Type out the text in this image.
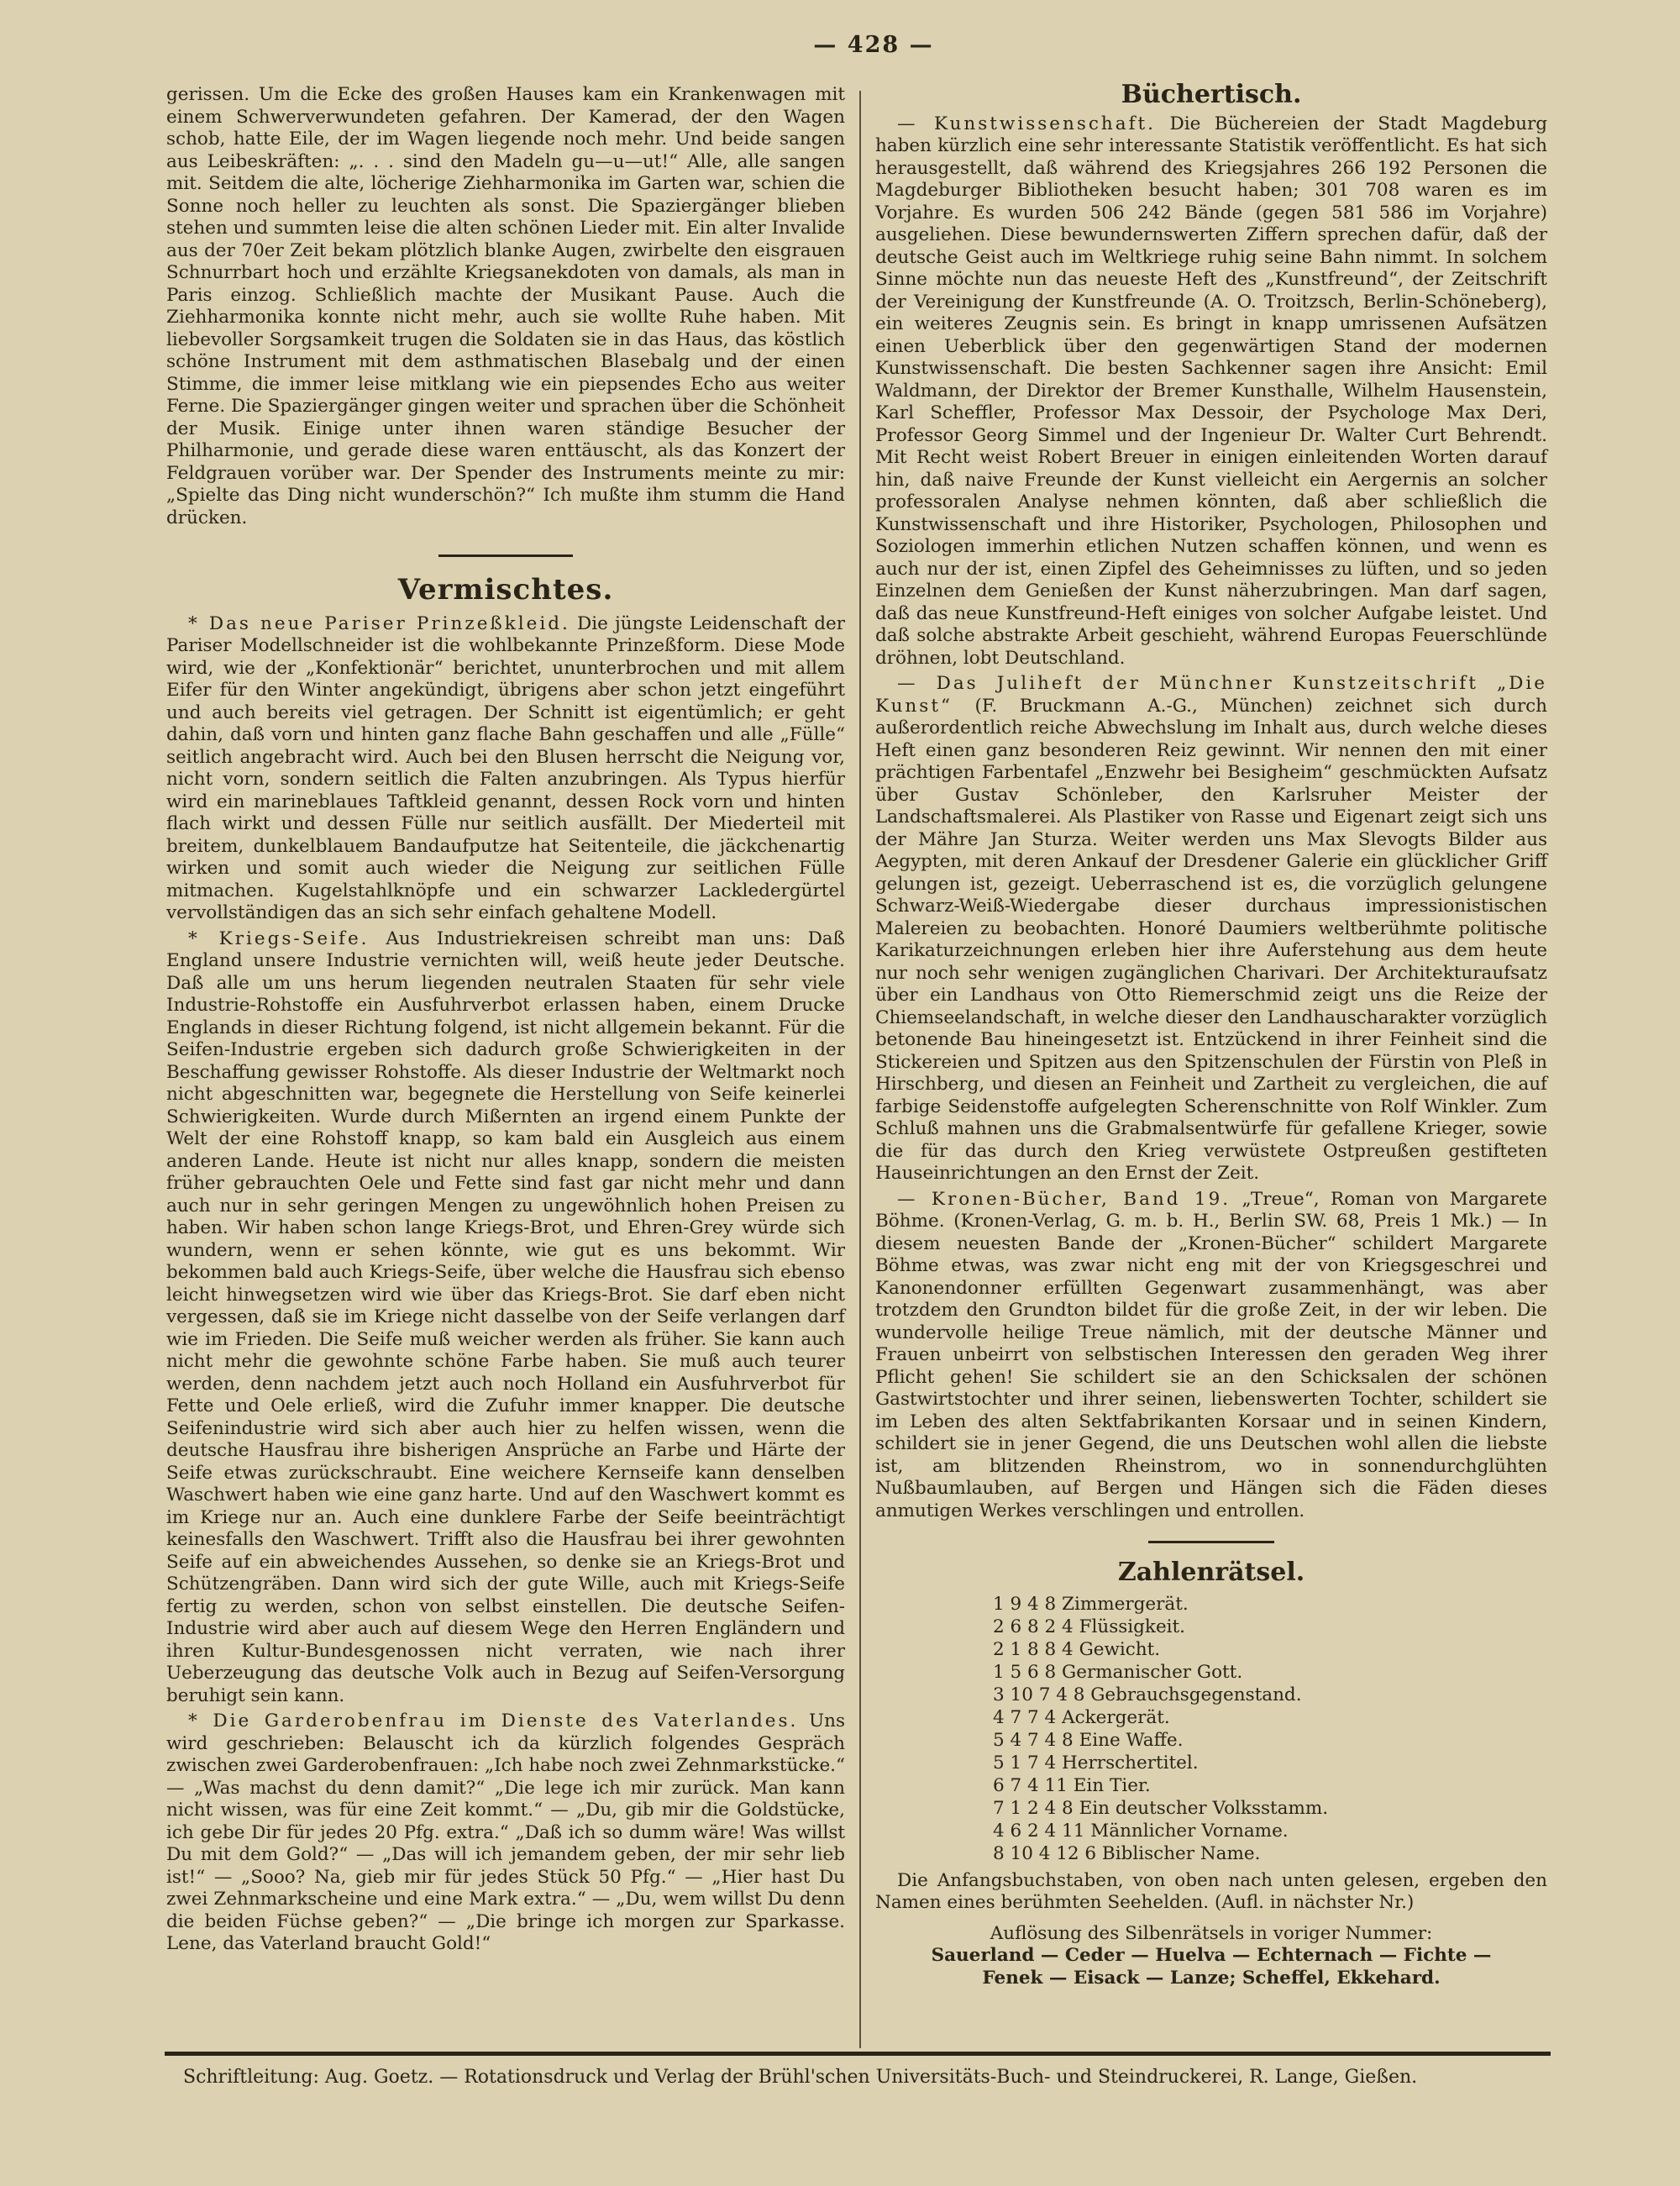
— 428 —

gerissen. Um die Ecke des großen Hauses kam ein Krankenwagen mit einem Schwerverwundeten gefahren. Der Kamerad, der den Wagen schob, hatte Eile, der im Wagen liegende noch mehr. Und beide sangen aus Leibeskräften: „. . . sind den Madeln gu—u—ut!“ Alle, alle sangen mit. Seitdem die alte, löcherige Ziehharmonika im Garten war, schien die Sonne noch heller zu leuchten als sonst. Die Spaziergänger blieben stehen und summten leise die alten schönen Lieder mit. Ein alter Invalide aus der 70er Zeit bekam plötzlich blanke Augen, zwirbelte den eisgrauen Schnurrbart hoch und erzählte Kriegsanekdoten von damals, als man in Paris einzog. Schließlich machte der Musikant Pause. Auch die Ziehharmonika konnte nicht mehr, auch sie wollte Ruhe haben. Mit liebevoller Sorgsamkeit trugen die Soldaten sie in das Haus, das köstlich schöne Instrument mit dem asthmatischen Blasebalg und der einen Stimme, die immer leise mitklang wie ein piepsendes Echo aus weiter Ferne. Die Spaziergänger gingen weiter und sprachen über die Schönheit der Musik. Einige unter ihnen waren ständige Besucher der Philharmonie, und gerade diese waren enttäuscht, als das Konzert der Feldgrauen vorüber war. Der Spender des Instruments meinte zu mir: „Spielte das Ding nicht wunderschön?“ Ich mußte ihm stumm die Hand drücken.

Vermischtes.

* Das neue Pariser Prinzeßkleid. Die jüngste Leidenschaft der Pariser Modellschneider ist die wohlbekannte Prinzeßform. Diese Mode wird, wie der „Konfektionär“ berichtet, ununterbrochen und mit allem Eifer für den Winter angekündigt, übrigens aber schon jetzt eingeführt und auch bereits viel getragen. Der Schnitt ist eigentümlich; er geht dahin, daß vorn und hinten ganz flache Bahn geschaffen und alle „Fülle“ seitlich angebracht wird. Auch bei den Blusen herrscht die Neigung vor, nicht vorn, sondern seitlich die Falten anzubringen. Als Typus hierfür wird ein marineblaues Taftkleid genannt, dessen Rock vorn und hinten flach wirkt und dessen Fülle nur seitlich ausfällt. Der Miederteil mit breitem, dunkelblauem Bandaufputze hat Seitenteile, die jäckchenartig wirken und somit auch wieder die Neigung zur seitlichen Fülle mitmachen. Kugelstahlknöpfe und ein schwarzer Lackledergürtel vervollständigen das an sich sehr einfach gehaltene Modell.

* Kriegs-Seife. Aus Industriekreisen schreibt man uns: Daß England unsere Industrie vernichten will, weiß heute jeder Deutsche. Daß alle um uns herum liegenden neutralen Staaten für sehr viele Industrie-Rohstoffe ein Ausfuhrverbot erlassen haben, einem Drucke Englands in dieser Richtung folgend, ist nicht allgemein bekannt. Für die Seifen-Industrie ergeben sich dadurch große Schwierigkeiten in der Beschaffung gewisser Rohstoffe. Als dieser Industrie der Weltmarkt noch nicht abgeschnitten war, begegnete die Herstellung von Seife keinerlei Schwierigkeiten. Wurde durch Mißernten an irgend einem Punkte der Welt der eine Rohstoff knapp, so kam bald ein Ausgleich aus einem anderen Lande. Heute ist nicht nur alles knapp, sondern die meisten früher gebrauchten Oele und Fette sind fast gar nicht mehr und dann auch nur in sehr geringen Mengen zu ungewöhnlich hohen Preisen zu haben. Wir haben schon lange Kriegs-Brot, und Ehren-Grey würde sich wundern, wenn er sehen könnte, wie gut es uns bekommt. Wir bekommen bald auch Kriegs-Seife, über welche die Hausfrau sich ebenso leicht hinwegsetzen wird wie über das Kriegs-Brot. Sie darf eben nicht vergessen, daß sie im Kriege nicht dasselbe von der Seife verlangen darf wie im Frieden. Die Seife muß weicher werden als früher. Sie kann auch nicht mehr die gewohnte schöne Farbe haben. Sie muß auch teurer werden, denn nachdem jetzt auch noch Holland ein Ausfuhrverbot für Fette und Oele erließ, wird die Zufuhr immer knapper. Die deutsche Seifenindustrie wird sich aber auch hier zu helfen wissen, wenn die deutsche Hausfrau ihre bisherigen Ansprüche an Farbe und Härte der Seife etwas zurückschraubt. Eine weichere Kernseife kann denselben Waschwert haben wie eine ganz harte. Und auf den Waschwert kommt es im Kriege nur an. Auch eine dunklere Farbe der Seife beeinträchtigt keinesfalls den Waschwert. Trifft also die Hausfrau bei ihrer gewohnten Seife auf ein abweichendes Aussehen, so denke sie an Kriegs-Brot und Schützengräben. Dann wird sich der gute Wille, auch mit Kriegs-Seife fertig zu werden, schon von selbst einstellen. Die deutsche Seifen-Industrie wird aber auch auf diesem Wege den Herren Engländern und ihren Kultur-Bundesgenossen nicht verraten, wie nach ihrer Ueberzeugung das deutsche Volk auch in Bezug auf Seifen-Versorgung beruhigt sein kann.

* Die Garderobenfrau im Dienste des Vaterlandes. Uns wird geschrieben: Belauscht ich da kürzlich folgendes Gespräch zwischen zwei Garderobenfrauen: „Ich habe noch zwei Zehnmarkstücke.“ — „Was machst du denn damit?“ „Die lege ich mir zurück. Man kann nicht wissen, was für eine Zeit kommt.“ — „Du, gib mir die Goldstücke, ich gebe Dir für jedes 20 Pfg. extra.“ „Daß ich so dumm wäre! Was willst Du mit dem Gold?“ — „Das will ich jemandem geben, der mir sehr lieb ist!“ — „Sooo? Na, gieb mir für jedes Stück 50 Pfg.“ — „Hier hast Du zwei Zehnmarkscheine und eine Mark extra.“ — „Du, wem willst Du denn die beiden Füchse geben?“ — „Die bringe ich morgen zur Sparkasse. Lene, das Vaterland braucht Gold!“

Büchertisch.

— Kunstwissenschaft. Die Büchereien der Stadt Magdeburg haben kürzlich eine sehr interessante Statistik veröffentlicht. Es hat sich herausgestellt, daß während des Kriegsjahres 266 192 Personen die Magdeburger Bibliotheken besucht haben; 301 708 waren es im Vorjahre. Es wurden 506 242 Bände (gegen 581 586 im Vorjahre) ausgeliehen. Diese bewundernswerten Ziffern sprechen dafür, daß der deutsche Geist auch im Weltkriege ruhig seine Bahn nimmt. In solchem Sinne möchte nun das neueste Heft des „Kunstfreund“, der Zeitschrift der Vereinigung der Kunstfreunde (A. O. Troitzsch, Berlin-Schöneberg), ein weiteres Zeugnis sein. Es bringt in knapp umrissenen Aufsätzen einen Ueberblick über den gegenwärtigen Stand der modernen Kunstwissenschaft. Die besten Sachkenner sagen ihre Ansicht: Emil Waldmann, der Direktor der Bremer Kunsthalle, Wilhelm Hausenstein, Karl Scheffler, Professor Max Dessoir, der Psychologe Max Deri, Professor Georg Simmel und der Ingenieur Dr. Walter Curt Behrendt. Mit Recht weist Robert Breuer in einigen einleitenden Worten darauf hin, daß naive Freunde der Kunst vielleicht ein Aergernis an solcher professoralen Analyse nehmen könnten, daß aber schließlich die Kunstwissenschaft und ihre Historiker, Psychologen, Philosophen und Soziologen immerhin etlichen Nutzen schaffen können, und wenn es auch nur der ist, einen Zipfel des Geheimnisses zu lüften, und so jeden Einzelnen dem Genießen der Kunst näherzubringen. Man darf sagen, daß das neue Kunstfreund-Heft einiges von solcher Aufgabe leistet. Und daß solche abstrakte Arbeit geschieht, während Europas Feuerschlünde dröhnen, lobt Deutschland.

— Das Juliheft der Münchner Kunstzeitschrift „Die Kunst“ (F. Bruckmann A.-G., München) zeichnet sich durch außerordentlich reiche Abwechslung im Inhalt aus, durch welche dieses Heft einen ganz besonderen Reiz gewinnt. Wir nennen den mit einer prächtigen Farbentafel „Enzwehr bei Besigheim“ geschmückten Aufsatz über Gustav Schönleber, den Karlsruher Meister der Landschaftsmalerei. Als Plastiker von Rasse und Eigenart zeigt sich uns der Mähre Jan Sturza. Weiter werden uns Max Slevogts Bilder aus Aegypten, mit deren Ankauf der Dresdener Galerie ein glücklicher Griff gelungen ist, gezeigt. Ueberraschend ist es, die vorzüglich gelungene Schwarz-Weiß-Wiedergabe dieser durchaus impressionistischen Malereien zu beobachten. Honoré Daumiers weltberühmte politische Karikaturzeichnungen erleben hier ihre Auferstehung aus dem heute nur noch sehr wenigen zugänglichen Charivari. Der Architekturaufsatz über ein Landhaus von Otto Riemerschmid zeigt uns die Reize der Chiemseelandschaft, in welche dieser den Landhauscharakter vorzüglich betonende Bau hineingesetzt ist. Entzückend in ihrer Feinheit sind die Stickereien und Spitzen aus den Spitzenschulen der Fürstin von Pleß in Hirschberg, und diesen an Feinheit und Zartheit zu vergleichen, die auf farbige Seidenstoffe aufgelegten Scherenschnitte von Rolf Winkler. Zum Schluß mahnen uns die Grabmalsentwürfe für gefallene Krieger, sowie die für das durch den Krieg verwüstete Ostpreußen gestifteten Hauseinrichtungen an den Ernst der Zeit.

— Kronen-Bücher, Band 19. „Treue“, Roman von Margarete Böhme. (Kronen-Verlag, G. m. b. H., Berlin SW. 68, Preis 1 Mk.) — In diesem neuesten Bande der „Kronen-Bücher“ schildert Margarete Böhme etwas, was zwar nicht eng mit der von Kriegsgeschrei und Kanonendonner erfüllten Gegenwart zusammenhängt, was aber trotzdem den Grundton bildet für die große Zeit, in der wir leben. Die wundervolle heilige Treue nämlich, mit der deutsche Männer und Frauen unbeirrt von selbstischen Interessen den geraden Weg ihrer Pflicht gehen! Sie schildert sie an den Schicksalen der schönen Gastwirtstochter und ihrer seinen, liebenswerten Tochter, schildert sie im Leben des alten Sektfabrikanten Korsaar und in seinen Kindern, schildert sie in jener Gegend, die uns Deutschen wohl allen die liebste ist, am blitzenden Rheinstrom, wo in sonnendurchglühten Nußbaumlauben, auf Bergen und Hängen sich die Fäden dieses anmutigen Werkes verschlingen und entrollen.

Zahlenrätsel.
1 9 4 8 Zimmergerät.
2 6 8 2 4 Flüssigkeit.
2 1 8 8 4 Gewicht.
1 5 6 8 Germanischer Gott.
3 10 7 4 8 Gebrauchsgegenstand.
4 7 7 4 Ackergerät.
5 4 7 4 8 Eine Waffe.
5 1 7 4 Herrschertitel.
6 7 4 11 Ein Tier.
7 1 2 4 8 Ein deutscher Volksstamm.
4 6 2 4 11 Männlicher Vorname.
8 10 4 12 6 Biblischer Name.

Die Anfangsbuchstaben, von oben nach unten gelesen, ergeben den Namen eines berühmten Seehelden. (Aufl. in nächster Nr.)

Auflösung des Silbenrätsels in voriger Nummer:
Sauerland — Ceder — Huelva — Echternach — Fichte —
Fenek — Eisack — Lanze; Scheffel, Ekkehard.
Schriftleitung: Aug. Goetz. — Rotationsdruck und Verlag der Brühl'schen Universitäts-Buch- und Steindruckerei, R. Lange, Gießen.
